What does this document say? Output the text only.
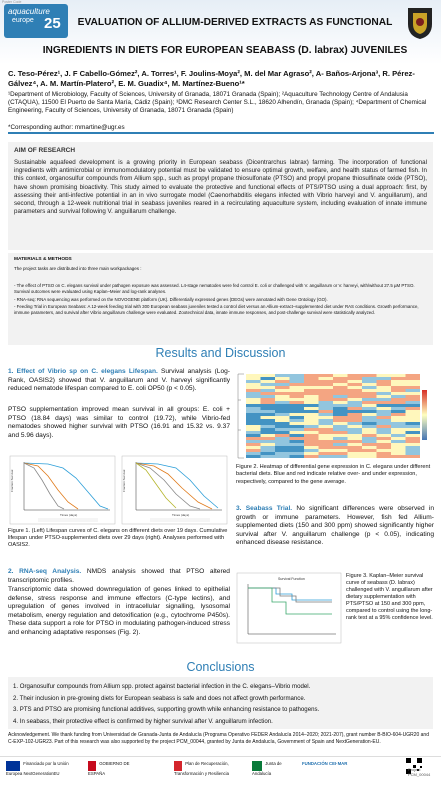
Poster Code
aquaculture
europe 25	EVALUATION OF ALLIUM-DERIVED EXTRACTS AS FUNCTIONAL
INGREDIENTS IN DIETS FOR EUROPEAN SEABASS (D. labrax) JUVENILES
C. Teso-Pérez¹, J. F Cabello-Gómez², A. Torres¹, F. Joulins-Moya², M. del Mar Agraso², A- Baños-Arjona³, R. Pérez-Gálvez⁴, A. M. Martín-Platero², E. M. Guadix⁴, M. Martínez-Bueno¹*
¹Department of Microbiology, Faculty of Sciences, University of Granada, 18071 Granada (Spain); ²Aquaculture Technology Centre of Andalusia (CTAQUA), 11500 El Puerto de Santa María, Cádiz (Spain); ³DMC Research Center S.L., 18620 Alhendín, Granada (Spain); ⁴Department of Chemical Engineering, Faculty of Sciences, University of Granada, 18071 Granada (Spain)
*Corresponding author: mmartine@ugr.es
AIM OF RESEARCH
Sustainable aquafeed development is a growing priority in European seabass (Dicentrarchus labrax) farming. The incorporation of functional ingredients with antimicrobial or immunomodulatory potential must be validated to ensure optimal growth, welfare, and health status of farmed fish. In this context, organosulfur compounds from Allium spp., such as propyl propane thiosulfonate (PTSO) and propyl propane thiosulfinate oxide (PTSO), have shown promising bioactivity. This study aimed to evaluate the protective and functional effects of PTS/PTSO using a dual approach: first, by assessing their anti-infective potential in an in vivo surrogate model (Caenorhabditis elegans infected with Vibrio harveyi and V. anguillarum), and second, through a 12-week nutritional trial in seabass juveniles reared in a recirculating aquaculture system, including evaluation of innate immune parameters and survival following V. anguillarum challenge.
MATERIALS & METHODS
The project tasks are distributed into three main workpackages :
- The effect of PTSO on C. elegans survival under pathogen exposure was assessed. L4-stage nematodes were fed control E. coli or challenged with V. anguillarum or V. harveyi, with/without 27.5 µM PTSO. Survival outcomes were evaluated using Kaplan–Meier and log-rank analyses.
- RNA-seq: RNA sequencing was performed on the NOVOGENE platform (UK). Differentially expressed genes (DEGs) were annotated with Gene Ontology (GO).
- Feeding Trial in European Seabass: A 12-week feeding trial with 300 European seabass juveniles tested a control diet versus an Allium-extract–supplemented diet under RAS conditions. Growth performance, immune parameters, and survival after Vibrio anguillarum challenge were evaluated. Zootechnical data, innate immune responses, and post-challenge survival were statistically analyzed.
Results and Discussion
1. Effect of Vibrio sp on C. elegans Lifespan. Survival analysis (Log-Rank, OASIS2) showed that V. anguillarum and V. harveyi significantly reduced nematode lifespan compared to E. coli OP50 (p < 0.05).
PTSO supplementation improved mean survival in all groups: E. coli + PTSO (18.84 days) was similar to control (19.72), while Vibrio-fed nematodes showed higher survival with PTSO (16.91 and 15.32 vs. 9.37 and 5.96 days).
Fraction Survival
Times (days)
Fraction Survival
Times (days)
Figure 1. (Left) Lifespan curves of C. elegans on different diets over 19 days. Cumulative lifespan under PTSO-supplemented diets over 29 days (right). Analyses performed with OASIS2.
Figure 2. Heatmap of differential gene expression in C. elegans under different bacterial diets. Blue and red indicate relative over- and under expression, respectively, compared to the gene average.
3. Seabass Trial. No significant differences were observed in growth or immune parameters. However, fish fed Allium-supplemented diets (150 and 300 ppm) showed significantly higher survival after V. anguillarum challenge (p < 0.05), indicating enhanced disease resistance.
2. RNA-seq Analysis. NMDS analysis showed that PTSO altered transcriptomic profiles.
Transcriptomic data showed downregulation of genes linked to epithelial defense, stress response and immune effectors (C-type lectins), and upregulation of genes involved in intracellular signalling, lysosomal metabolism, energy regulation and detoxification (e.g., cytochrome P450s). These data support a role for PTSO in modulating pathogen-induced stress and enhancing adaptative responses (Fig. 2).
Survival Function	Figure 3. Kaplan–Meier survival curve of seabass (D. labrax) challenged with V. anguillarum after dietary supplementation with PTS/PTSO at 150 and 300 ppm, compared to control using the long-rank test at a 95% confidence level.
Conclusions
1. Organosulfur compounds from Allium spp. protect against bacterial infection in the C. elegans–Vibrio model.
2. Their inclusion in pre-growing diets for European seabass is safe and does not affect growth performance.
3. PTS and PTSO are promising functional additives, supporting growth while enhancing resistance to pathogens.
4. In seabass, their protective effect is confirmed by higher survival after V. anguillarum infection.
Acknowledgement. We thank funding from Universidad de Granada-Junta de Andalucía (Programa Operativo FEDER Andalucía 2014–2020; 2021-207), grant number B-BIO-604-UGR20 and C-EXP-102-UGR23. Part of this research was also supported by the project PCM_00044, granted by Junta de Andalucía, Government of Spain and NextGeneration-EU.
Financiado por la Unión Europea NextGenerationEU
GOBIERNO DE ESPAÑA
Plan de Recuperación, Transformación y Resiliencia
Junta de Andalucía
FUNDACIÓN CEI·MAR
Project PCM_00044
